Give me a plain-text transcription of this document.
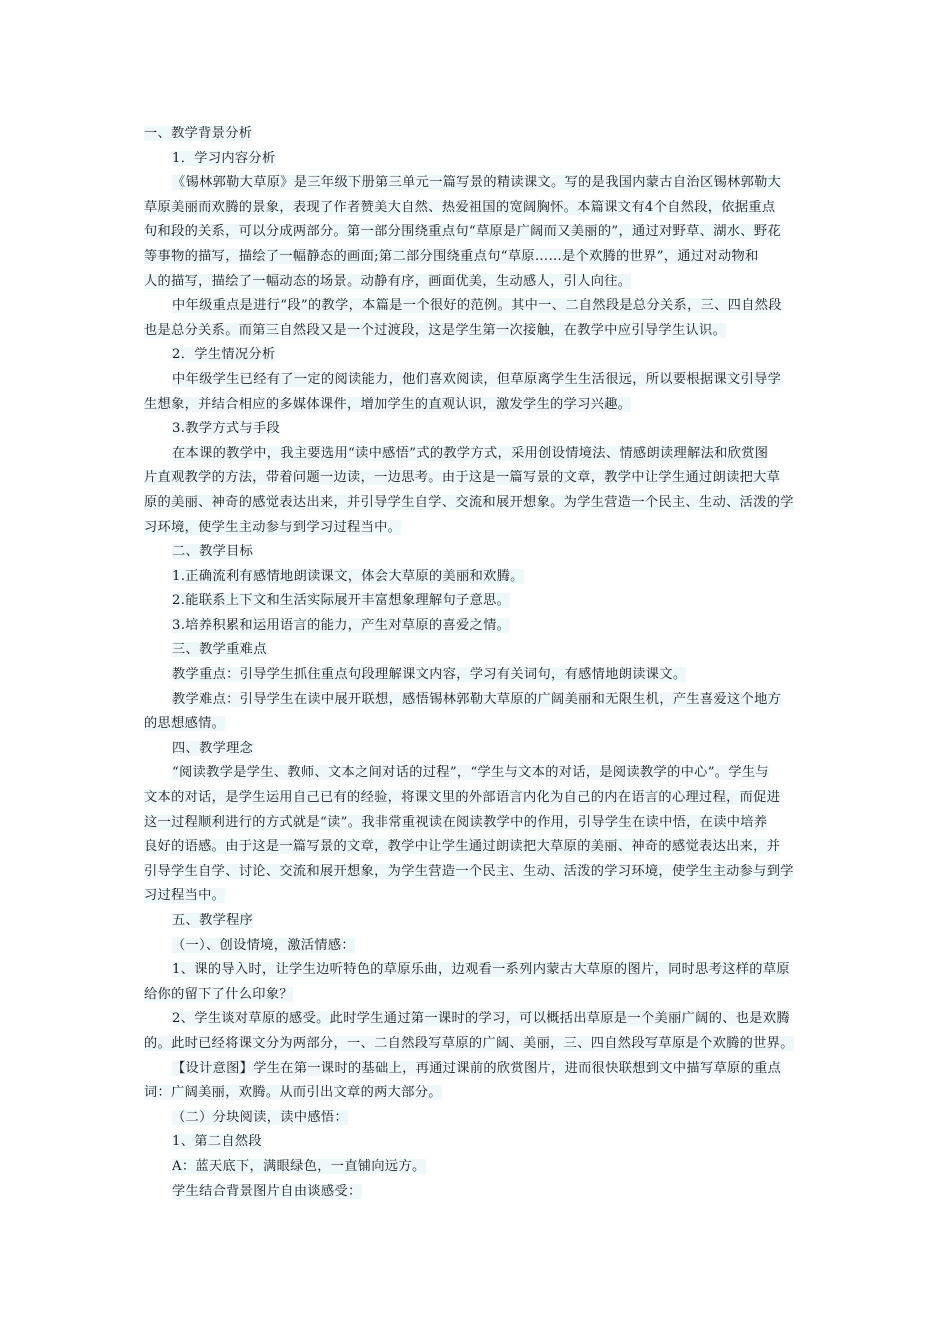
一、教学背景分析
1．学习内容分析
《锡林郭勒大草原》是三年级下册第三单元一篇写景的精读课文。写的是我国内蒙古自治区锡林郭勒大
草原美丽而欢腾的景象，表现了作者赞美大自然、热爱祖国的宽阔胸怀。本篇课文有4个自然段，依据重点
句和段的关系，可以分成两部分。第一部分围绕重点句“草原是广阔而又美丽的”，通过对野草、湖水、野花
等事物的描写，描绘了一幅静态的画面;第二部分围绕重点句“草原……是个欢腾的世界”，通过对动物和
人的描写，描绘了一幅动态的场景。动静有序，画面优美，生动感人，引人向往。
中年级重点是进行“段”的教学，本篇是一个很好的范例。其中一、二自然段是总分关系，三、四自然段
也是总分关系。而第三自然段又是一个过渡段，这是学生第一次接触，在教学中应引导学生认识。
2．学生情况分析
中年级学生已经有了一定的阅读能力，他们喜欢阅读，但草原离学生生活很远，所以要根据课文引导学
生想象，并结合相应的多媒体课件，增加学生的直观认识，激发学生的学习兴趣。
3.教学方式与手段
在本课的教学中，我主要选用“读中感悟”式的教学方式，采用创设情境法、情感朗读理解法和欣赏图
片直观教学的方法，带着问题一边读，一边思考。由于这是一篇写景的文章，教学中让学生通过朗读把大草
原的美丽、神奇的感觉表达出来，并引导学生自学、交流和展开想象。为学生营造一个民主、生动、活泼的学
习环境，使学生主动参与到学习过程当中。
二、教学目标
1.正确流利有感情地朗读课文，体会大草原的美丽和欢腾。
2.能联系上下文和生活实际展开丰富想象理解句子意思。
3.培养积累和运用语言的能力，产生对草原的喜爱之情。
三、教学重难点
教学重点：引导学生抓住重点句段理解课文内容，学习有关词句，有感情地朗读课文。
教学难点：引导学生在读中展开联想，感悟锡林郭勒大草原的广阔美丽和无限生机，产生喜爱这个地方
的思想感情。
四、教学理念
“阅读教学是学生、教师、文本之间对话的过程”，“学生与文本的对话，是阅读教学的中心”。学生与
文本的对话，是学生运用自己已有的经验，将课文里的外部语言内化为自己的内在语言的心理过程，而促进
这一过程顺利进行的方式就是“读”。我非常重视读在阅读教学中的作用，引导学生在读中悟，在读中培养
良好的语感。由于这是一篇写景的文章，教学中让学生通过朗读把大草原的美丽、神奇的感觉表达出来，并
引导学生自学、讨论、交流和展开想象，为学生营造一个民主、生动、活泼的学习环境，使学生主动参与到学
习过程当中。
五、教学程序
（一）、创设情境，激活情感：
1、课的导入时，让学生边听特色的草原乐曲，边观看一系列内蒙古大草原的图片，同时思考这样的草原
给你的留下了什么印象？
2、学生谈对草原的感受。此时学生通过第一课时的学习，可以概括出草原是一个美丽广阔的、也是欢腾
的。此时已经将课文分为两部分，一、二自然段写草原的广阔、美丽，三、四自然段写草原是个欢腾的世界。
【设计意图】学生在第一课时的基础上，再通过课前的欣赏图片，进而很快联想到文中描写草原的重点
词：广阔美丽，欢腾。从而引出文章的两大部分。
（二）分块阅读，读中感悟：
1、第二自然段
A：蓝天底下，满眼绿色，一直铺向远方。
学生结合背景图片自由谈感受：
